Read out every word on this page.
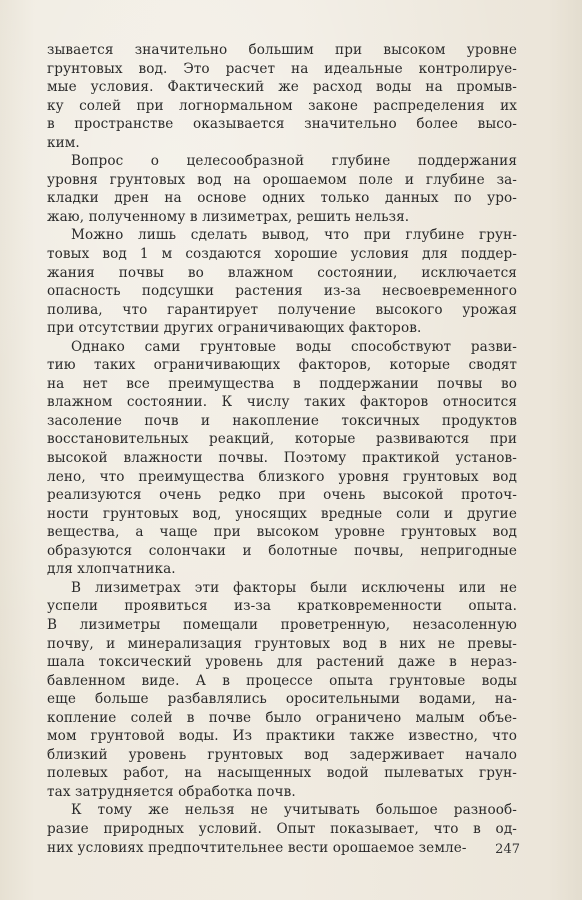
зывается значительно большим при высоком уровне
грунтовых вод. Это расчет на идеальные контролируе-
мые условия. Фактический же расход воды на промыв-
ку солей при логнормальном законе распределения их
в пространстве оказывается значительно более высо-
ким.
Вопрос о целесообразной глубине поддержания
уровня грунтовых вод на орошаемом поле и глубине за-
кладки дрен на основе одних только данных по уро-
жаю, полученному в лизиметрах, решить нельзя.
Можно лишь сделать вывод, что при глубине грун-
товых вод 1 м создаются хорошие условия для поддер-
жания почвы во влажном состоянии, исключается
опасность подсушки растения из-за несвоевременного
полива, что гарантирует получение высокого урожая
при отсутствии других ограничивающих факторов.
Однако сами грунтовые воды способствуют разви-
тию таких ограничивающих факторов, которые сводят
на нет все преимущества в поддержании почвы во
влажном состоянии. К числу таких факторов относится
засоление почв и накопление токсичных продуктов
восстановительных реакций, которые развиваются при
высокой влажности почвы. Поэтому практикой установ-
лено, что преимущества близкого уровня грунтовых вод
реализуются очень редко при очень высокой проточ-
ности грунтовых вод, уносящих вредные соли и другие
вещества, а чаще при высоком уровне грунтовых вод
образуются солончаки и болотные почвы, непригодные
для хлопчатника.
В лизиметрах эти факторы были исключены или не
успели проявиться из-за кратковременности опыта.
В лизиметры помещали проветренную, незасоленную
почву, и минерализация грунтовых вод в них не превы-
шала токсический уровень для растений даже в нераз-
бавленном виде. А в процессе опыта грунтовые воды
еще больше разбавлялись оросительными водами, на-
копление солей в почве было ограничено малым объе-
мом грунтовой воды. Из практики также известно, что
близкий уровень грунтовых вод задерживает начало
полевых работ, на насыщенных водой пылеватых грун-
тах затрудняется обработка почв.
К тому же нельзя не учитывать большое разнооб-
разие природных условий. Опыт показывает, что в од-
них условиях предпочтительнее вести орошаемое земле-	247
